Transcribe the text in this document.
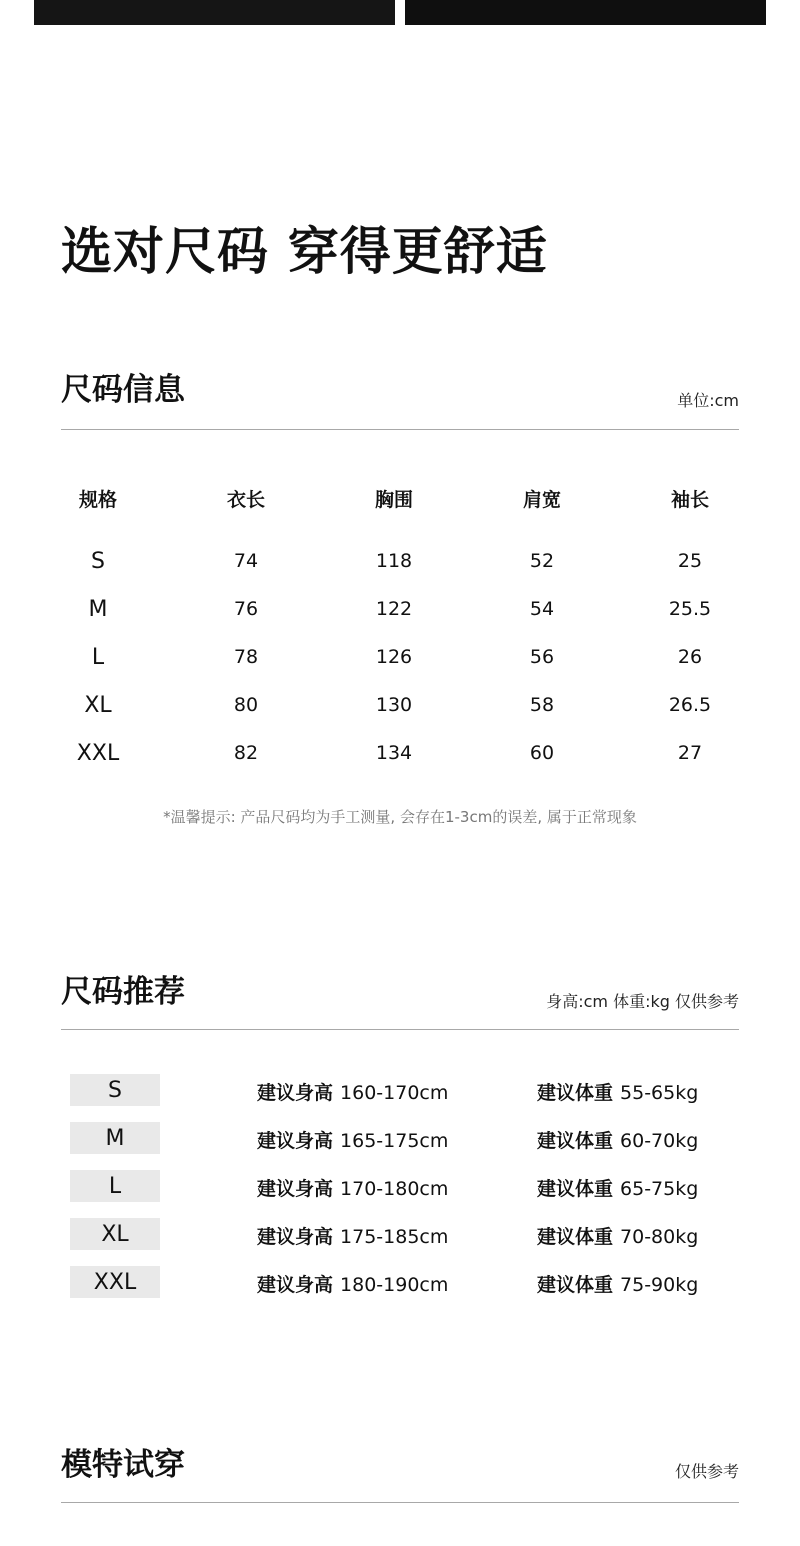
选对尺码 穿得更舒适
尺码信息	单位:cm
规格	衣长	胸围	肩宽	袖长
S	74	118	52	25
M	76	122	54	25.5
L	78	126	56	26
XL	80	130	58	26.5
XXL	82	134	60	27
*温馨提示: 产品尺码均为手工测量, 会存在1-3cm的误差, 属于正常现象
尺码推荐	身高:cm 体重:kg 仅供参考
S	建议身高 160-170cm	建议体重 55-65kg
M	建议身高 165-175cm	建议体重 60-70kg
L	建议身高 170-180cm	建议体重 65-75kg
XL	建议身高 175-185cm	建议体重 70-80kg
XXL	建议身高 180-190cm	建议体重 75-90kg
模特试穿	仅供参考
